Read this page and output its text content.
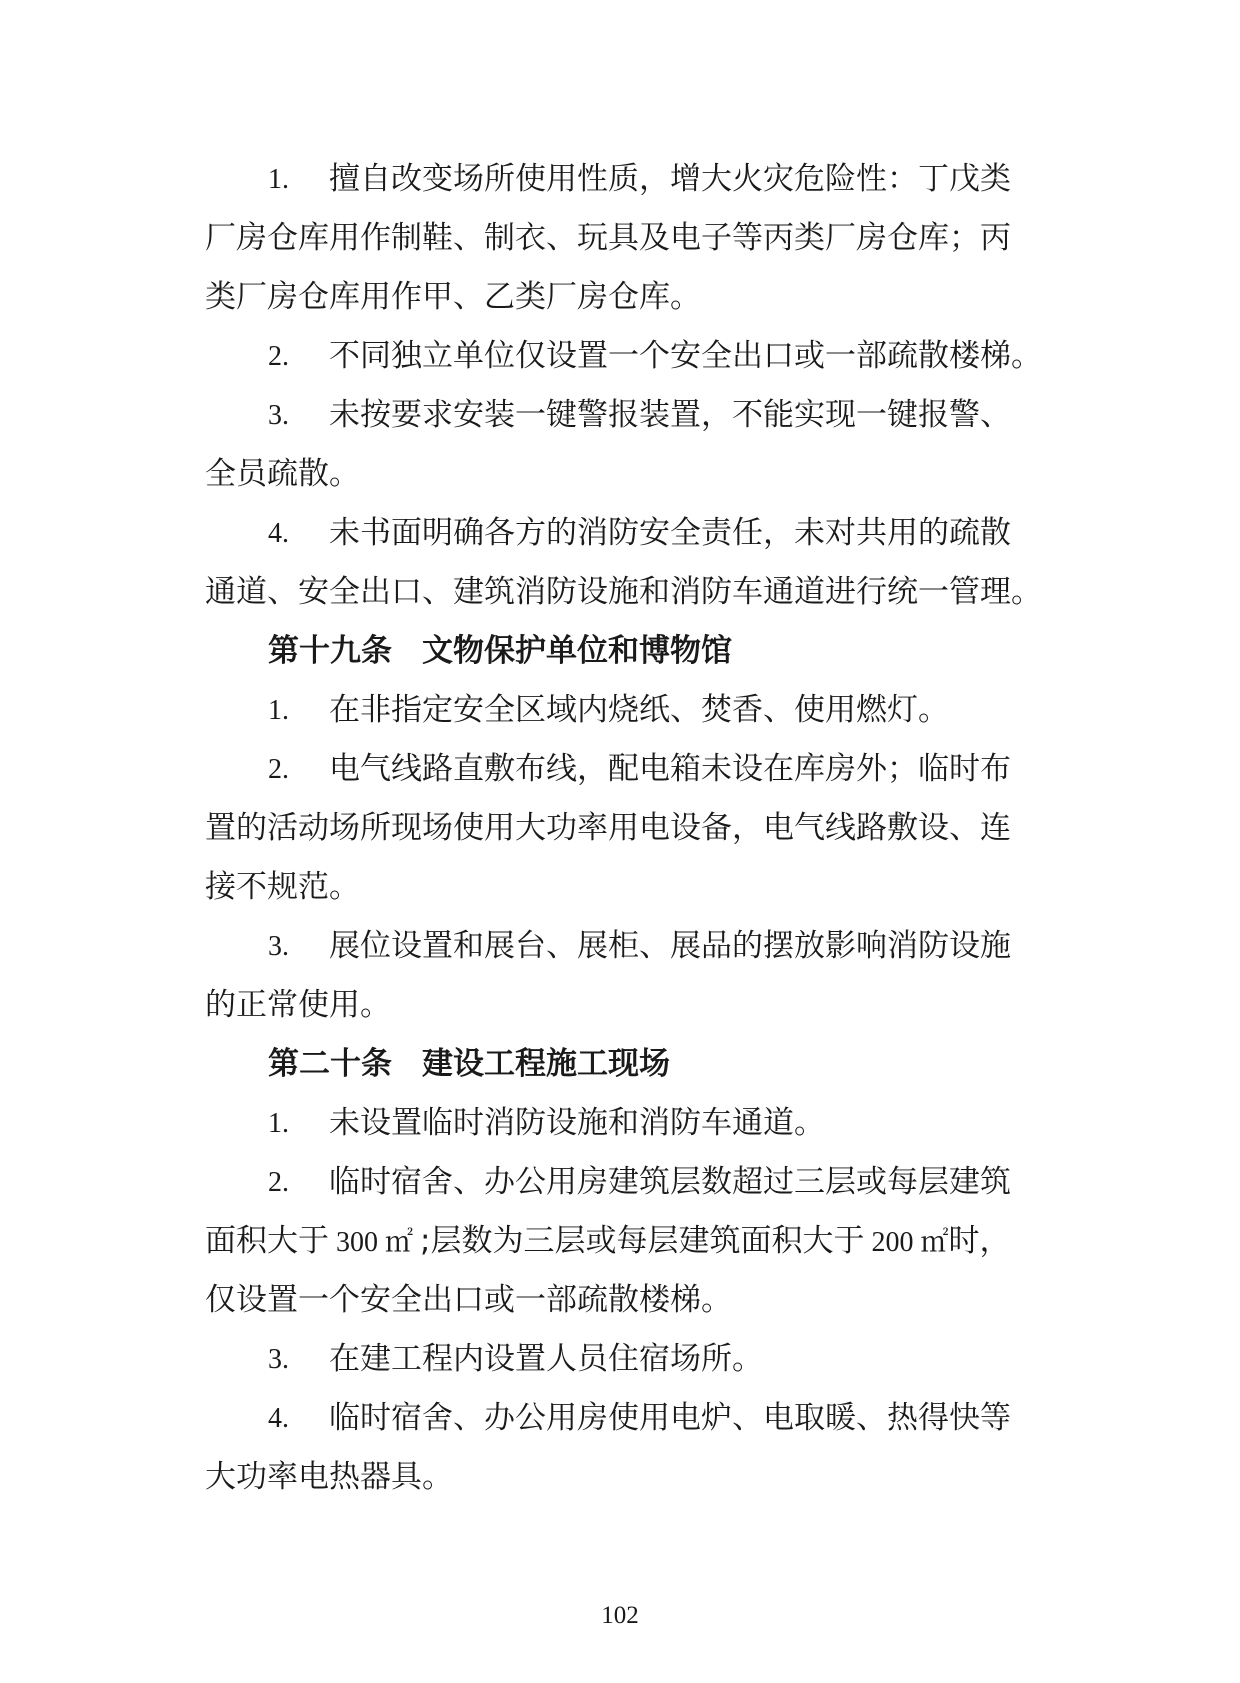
1. 擅自改变场所使用性质，增大火灾危险性：丁戊类
厂房仓库用作制鞋、制衣、玩具及电子等丙类厂房仓库；丙
类厂房仓库用作甲、乙类厂房仓库。
2. 不同独立单位仅设置一个安全出口或一部疏散楼梯。
3. 未按要求安装一键警报装置，不能实现一键报警、
全员疏散。
4. 未书面明确各方的消防安全责任，未对共用的疏散
通道、安全出口、建筑消防设施和消防车通道进行统一管理。
第十九条 文物保护单位和博物馆
1. 在非指定安全区域内烧纸、焚香、使用燃灯。
2. 电气线路直敷布线，配电箱未设在库房外；临时布
置的活动场所现场使用大功率用电设备，电气线路敷设、连
接不规范。
3. 展位设置和展台、展柜、展品的摆放影响消防设施
的正常使用。
第二十条 建设工程施工现场
1. 未设置临时消防设施和消防车通道。
2. 临时宿舍、办公用房建筑层数超过三层或每层建筑
面积大于 300 ㎡ ;层数为三层或每层建筑面积大于 200 ㎡时，
仅设置一个安全出口或一部疏散楼梯。
3. 在建工程内设置人员住宿场所。
4. 临时宿舍、办公用房使用电炉、电取暖、热得快等
大功率电热器具。
102
